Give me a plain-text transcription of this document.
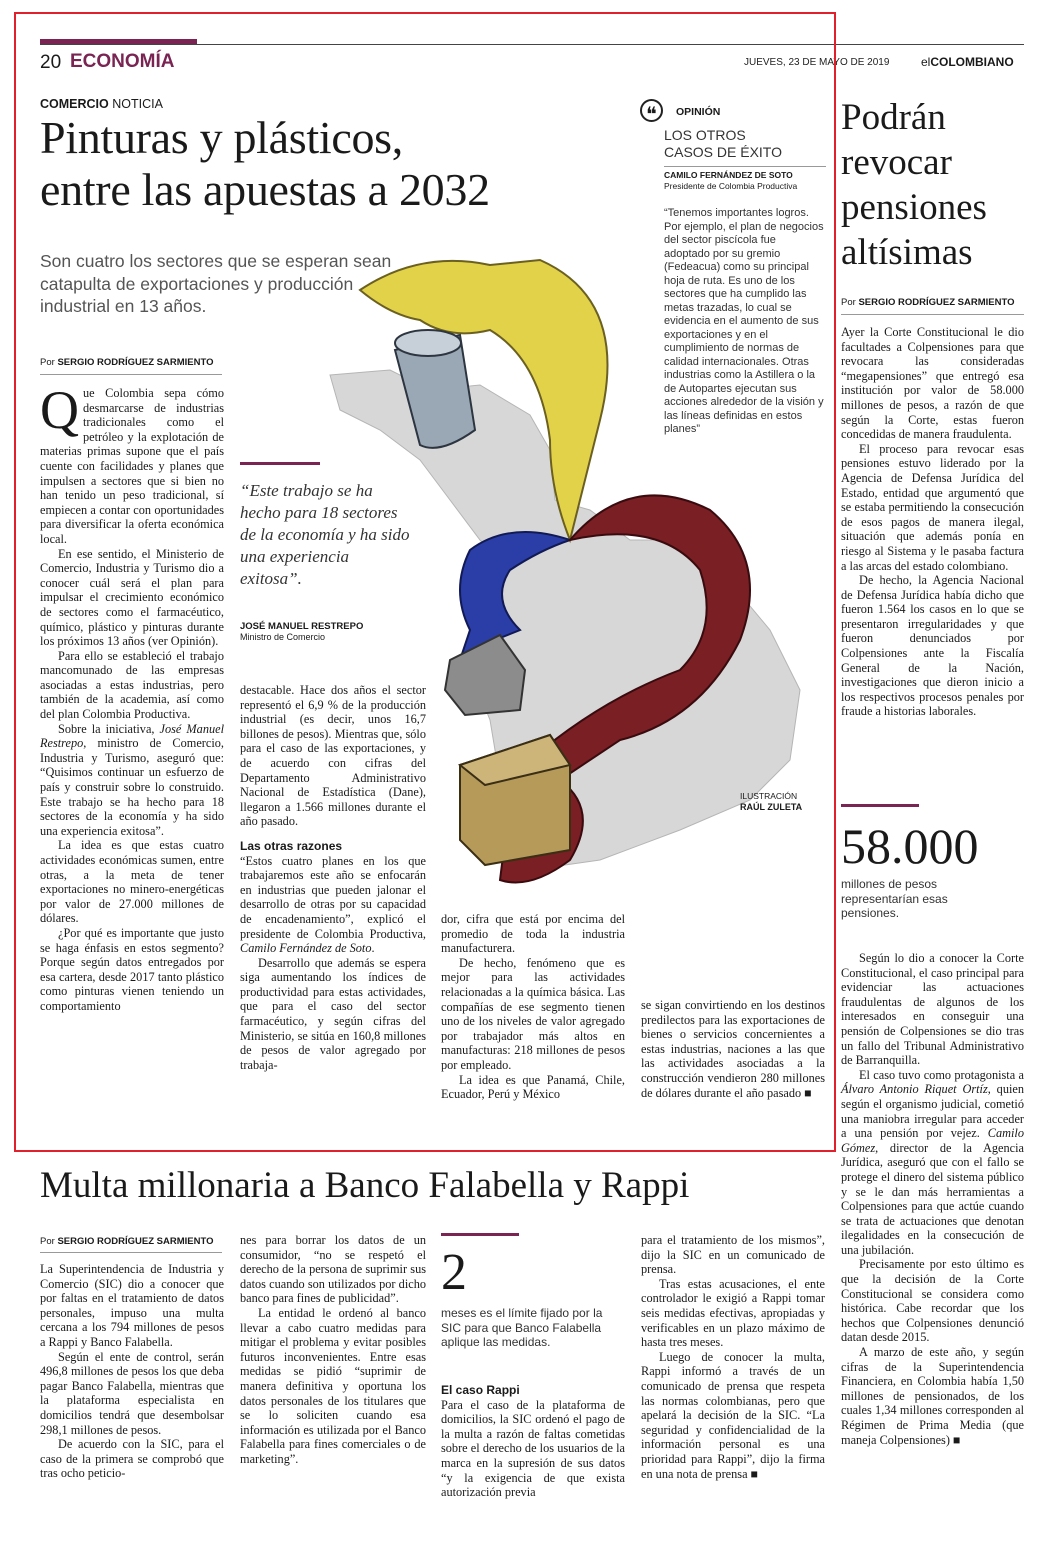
20 ECONOMÍA	JUEVES, 23 DE MAYO DE 2019	elCOLOMBIANO
COMERCIO NOTICIA
Pinturas y plásticos,
entre las apuestas a 2032
Son cuatro los sectores que se esperan sean catapulta de exportaciones y producción industrial en 13 años.
Por SERGIO RODRÍGUEZ SARMIENTO

Que Colombia sepa cómo desmarcarse de industrias tradicionales como el petróleo y la explotación de materias primas supone que el país cuente con facilidades y planes que impulsen a sectores que si bien no han tenido un peso tradicional, sí empiecen a contar con oportunidades para diversificar la oferta económica local.

En ese sentido, el Ministerio de Comercio, Industria y Turismo dio a conocer cuál será el plan para impulsar el crecimiento económico de sectores como el farmacéutico, químico, plástico y pinturas durante los próximos 13 años (ver Opinión).

Para ello se estableció el trabajo mancomunado de las empresas asociadas a estas industrias, pero también de la academia, así como del plan Colombia Productiva.

Sobre la iniciativa, José Manuel Restrepo, ministro de Comercio, Industria y Turismo, aseguró que: “Quisimos continuar un esfuerzo de país y construir sobre lo construido. Este trabajo se ha hecho para 18 sectores de la economía y ha sido una experiencia exitosa”.

La idea es que estas cuatro actividades económicas sumen, entre otras, a la meta de tener exportaciones no minero-energéticas por valor de 27.000 millones de dólares.

¿Por qué es importante que justo se haga énfasis en estos segmento? Porque según datos entregados por esa cartera, desde 2017 tanto plástico como pinturas vienen teniendo un comportamiento

“Este trabajo se ha hecho para 18 sectores de la economía y ha sido una experiencia exitosa”.
JOSÉ MANUEL RESTREPO
Ministro de Comercio

destacable. Hace dos años el sector representó el 6,9 % de la producción industrial (es decir, unos 16,7 billones de pesos). Mientras que, sólo para el caso de las exportaciones, y de acuerdo con cifras del Departamento Administrativo Nacional de Estadística (Dane), llegaron a 1.566 millones durante el año pasado.

Las otras razones

“Estos cuatro planes en los que trabajaremos este año se enfocarán en industrias que pueden jalonar el desarrollo de otras por su capacidad de encadenamiento”, explicó el presidente de Colombia Productiva, Camilo Fernández de Soto.

Desarrollo que además se espera siga aumentando los índices de productividad para estas actividades, que para el caso del sector farmacéutico, y según cifras del Ministerio, se sitúa en 160,8 millones de pesos de valor agregado por trabaja-

dor, cifra que está por encima del promedio de toda la industria manufacturera.

De hecho, fenómeno que es mejor para las actividades relacionadas a la química básica. Las compañías de ese segmento tienen uno de los niveles de valor agregado por trabajador más altos en manufacturas: 218 millones de pesos por empleado.

La idea es que Panamá, Chile, Ecuador, Perú y México

se sigan convirtiendo en los destinos predilectos para las exportaciones de bienes o servicios concernientes a estas industrias, naciones a las que las actividades asociadas a la construcción vendieron 280 millones de dólares durante el año pasado ■

ILUSTRACIÓN
RAÚL ZULETA
❝	OPINIÓN
LOS OTROS
CASOS DE ÉXITO
CAMILO FERNÁNDEZ DE SOTO
Presidente de Colombia Productiva
“Tenemos importantes logros. Por ejemplo, el plan de negocios del sector piscícola fue adoptado por su gremio (Fedeacua) como su principal hoja de ruta. Es uno de los sectores que ha cumplido las metas trazadas, lo cual se evidencia en el aumento de sus exportaciones y en el cumplimiento de normas de calidad internacionales. Otras industrias como la Astillera o la de Autopartes ejecutan sus acciones alrededor de la visión y las líneas definidas en estos planes”
Podrán revocar pensiones altísimas
Por SERGIO RODRÍGUEZ SARMIENTO

Ayer la Corte Constitucional le dio facultades a Colpensiones para que revocara las consideradas “megapensiones” que entregó esa institución por valor de 58.000 millones de pesos, a razón de que según la Corte, estas fueron concedidas de manera fraudulenta.

El proceso para revocar esas pensiones estuvo liderado por la Agencia de Defensa Jurídica del Estado, entidad que argumentó que se estaba permitiendo la consecución de esos pagos de manera ilegal, situación que además ponía en riesgo al Sistema y le pasaba factura a las arcas del estado colombiano.

De hecho, la Agencia Nacional de Defensa Jurídica había dicho que fueron 1.564 los casos en lo que se presentaron irregularidades y que fueron denunciados por Colpensiones ante la Fiscalía General de la Nación, investigaciones que dieron inicio a los respectivos procesos penales por fraude a historias laborales.

58.000
millones de pesos representarían esas pensiones.

Según lo dio a conocer la Corte Constitucional, el caso principal para evidenciar las actuaciones fraudulentas de algunos de los interesados en conseguir una pensión de Colpensiones se dio tras un fallo del Tribunal Administrativo de Barranquilla.

El caso tuvo como protagonista a Álvaro Antonio Riquet Ortíz, quien según el organismo judicial, cometió una maniobra irregular para acceder a una pensión por vejez. Camilo Gómez, director de la Agencia Jurídica, aseguró que con el fallo se protege el dinero del sistema público y se le dan más herramientas a Colpensiones para que actúe cuando se trata de actuaciones que denotan ilegalidades en la consecución de una jubilación.

Precisamente por esto último es que la decisión de la Corte Constitucional se considera como histórica. Cabe recordar que los hechos que Colpensiones denunció datan desde 2015.

A marzo de este año, y según cifras de la Superintendencia Financiera, en Colombia había 1,50 millones de pensionados, de los cuales 1,34 millones corresponden al Régimen de Prima Media (que maneja Colpensiones) ■

Multa millonaria a Banco Falabella y Rappi
Por SERGIO RODRÍGUEZ SARMIENTO

La Superintendencia de Industria y Comercio (SIC) dio a conocer que por faltas en el tratamiento de datos personales, impuso una multa cercana a los 794 millones de pesos a Rappi y Banco Falabella.

Según el ente de control, serán 496,8 millones de pesos los que deba pagar Banco Falabella, mientras que la plataforma especialista en domicilios tendrá que desembolsar 298,1 millones de pesos.

De acuerdo con la SIC, para el caso de la primera se comprobó que tras ocho peticio-

nes para borrar los datos de un consumidor, “no se respetó el derecho de la persona de suprimir sus datos cuando son utilizados por dicho banco para fines de publicidad”.

La entidad le ordenó al banco llevar a cabo cuatro medidas para mitigar el problema y evitar posibles futuros inconvenientes. Entre esas medidas se pidió “suprimir de manera definitiva y oportuna los datos personales de los titulares que se lo soliciten cuando esa información es utilizada por el Banco Falabella para fines comerciales o de marketing”.

2
meses es el límite fijado por la SIC para que Banco Falabella aplique las medidas.
El caso Rappi

Para el caso de la plataforma de domicilios, la SIC ordenó el pago de la multa a razón de faltas cometidas sobre el derecho de los usuarios de la marca en la supresión de sus datos “y la exigencia de que exista autorización previa

para el tratamiento de los mismos”, dijo la SIC en un comunicado de prensa.

Tras estas acusaciones, el ente controlador le exigió a Rappi tomar seis medidas efectivas, apropiadas y verificables en un plazo máximo de hasta tres meses.

Luego de conocer la multa, Rappi informó a través de un comunicado de prensa que respeta las normas colombianas, pero que apelará la decisión de la SIC. “La seguridad y confidencialidad de la información personal es una prioridad para Rappi”, dijo la firma en una nota de prensa ■
